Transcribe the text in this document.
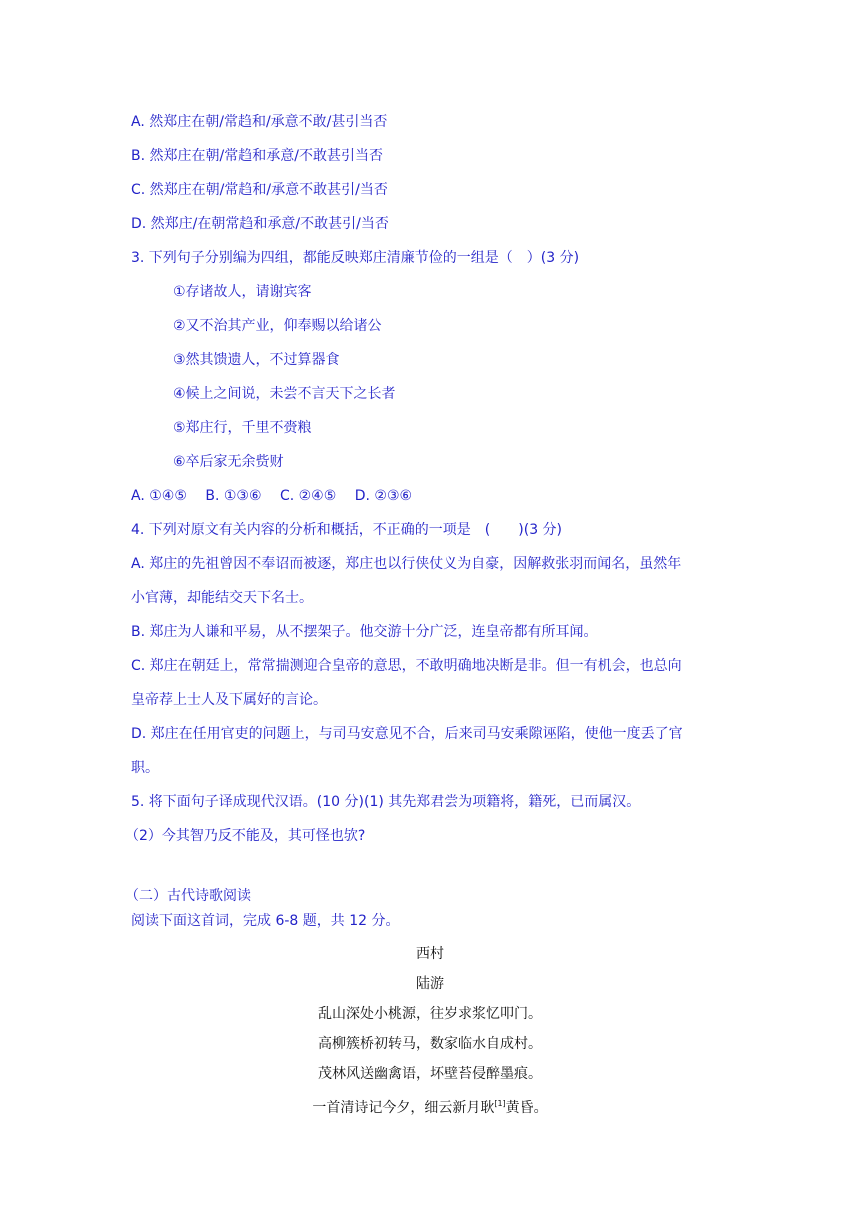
A. 然郑庄在朝/常趋和/承意不敢/甚引当否
B. 然郑庄在朝/常趋和承意/不敢甚引当否
C. 然郑庄在朝/常趋和/承意不敢甚引/当否
D. 然郑庄/在朝常趋和承意/不敢甚引/当否
3. 下列句子分别编为四组，都能反映郑庄清廉节俭的一组是（　）(3 分)
①存诸故人，请谢宾客
②又不治其产业，仰奉赐以给诸公
③然其馈遗人，不过算器食
④候上之间说，未尝不言天下之长者
⑤郑庄行，千里不赍粮
⑥卒后家无余赀财
A. ①④⑤　 B. ①③⑥　 C. ②④⑤　 D. ②③⑥
4. 下列对原文有关内容的分析和概括，不正确的一项是　(　　)(3 分)
A. 郑庄的先祖曾因不奉诏而被逐，郑庄也以行侠仗义为自豪，因解救张羽而闻名，虽然年
小官薄，却能结交天下名士。
B. 郑庄为人谦和平易，从不摆架子。他交游十分广泛，连皇帝都有所耳闻。
C. 郑庄在朝廷上，常常揣测迎合皇帝的意思，不敢明确地决断是非。但一有机会，也总向
皇帝荐上士人及下属好的言论。
D. 郑庄在任用官吏的问题上，与司马安意见不合，后来司马安乘隙诬陷，使他一度丢了官
职。
5. 将下面句子译成现代汉语。(10 分)(1) 其先郑君尝为项籍将，籍死，已而属汉。
（2）今其智乃反不能及，其可怪也欤?
（二）古代诗歌阅读
阅读下面这首词，完成 6-8 题，共 12 分。
西村
陆游
乱山深处小桃源，往岁求浆忆叩门。
高柳簇桥初转马，数家临水自成村。
茂林风送幽禽语，坏壁苔侵醉墨痕。
一首清诗记今夕，细云新月耿[1]黄昏。
